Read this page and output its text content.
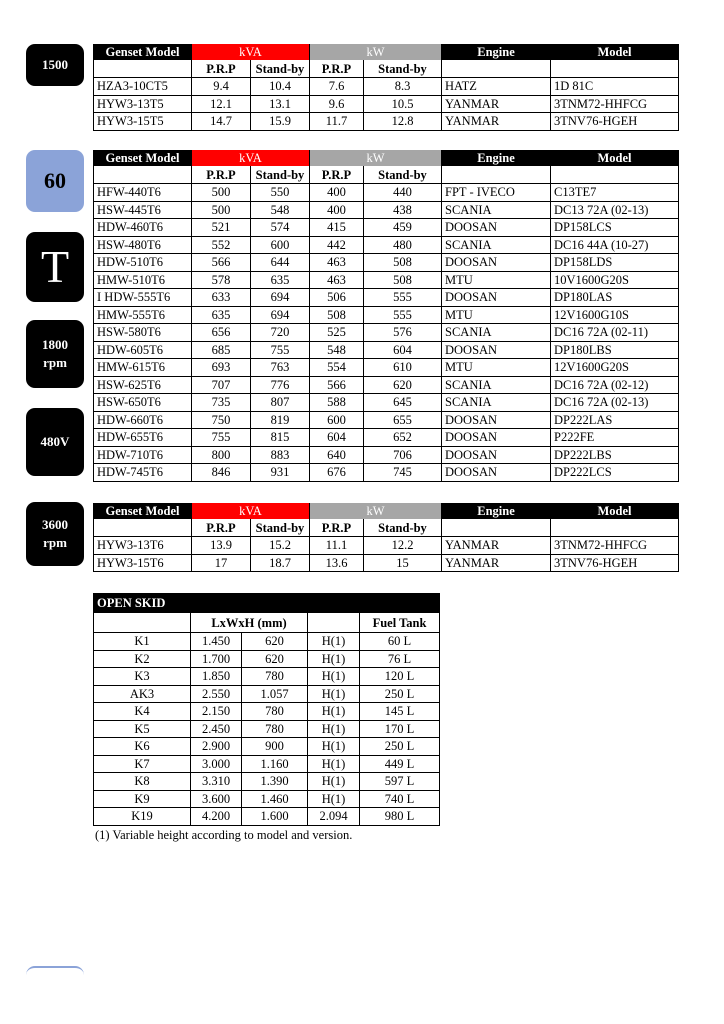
1500
60
T
1800
rpm
480V
3600
rpm
Genset Model	kVA		kW		Engine	Model
	P.R.P	Stand-by	P.R.P	Stand-by		
HZA3-10CT5	9.4	10.4	7.6	8.3	HATZ	1D 81C
HYW3-13T5	12.1	13.1	9.6	10.5	YANMAR	3TNM72-HHFCG
HYW3-15T5	14.7	15.9	11.7	12.8	YANMAR	3TNV76-HGEH
Genset Model	kVA		kW		Engine	Model
	P.R.P	Stand-by	P.R.P	Stand-by		
HFW-440T6	500	550	400	440	FPT - IVECO	C13TE7
HSW-445T6	500	548	400	438	SCANIA	DC13 72A (02-13)
HDW-460T6	521	574	415	459	DOOSAN	DP158LCS
HSW-480T6	552	600	442	480	SCANIA	DC16 44A (10-27)
HDW-510T6	566	644	463	508	DOOSAN	DP158LDS
HMW-510T6	578	635	463	508	MTU	10V1600G20S
I HDW-555T6	633	694	506	555	DOOSAN	DP180LAS
HMW-555T6	635	694	508	555	MTU	12V1600G10S
HSW-580T6	656	720	525	576	SCANIA	DC16 72A (02-11)
HDW-605T6	685	755	548	604	DOOSAN	DP180LBS
HMW-615T6	693	763	554	610	MTU	12V1600G20S
HSW-625T6	707	776	566	620	SCANIA	DC16 72A (02-12)
HSW-650T6	735	807	588	645	SCANIA	DC16 72A (02-13)
HDW-660T6	750	819	600	655	DOOSAN	DP222LAS
HDW-655T6	755	815	604	652	DOOSAN	P222FE
HDW-710T6	800	883	640	706	DOOSAN	DP222LBS
HDW-745T6	846	931	676	745	DOOSAN	DP222LCS
Genset Model	kVA		kW		Engine	Model
	P.R.P	Stand-by	P.R.P	Stand-by		
HYW3-13T6	13.9	15.2	11.1	12.2	YANMAR	3TNM72-HHFCG
HYW3-15T6	17	18.7	13.6	15	YANMAR	3TNV76-HGEH
OPEN SKID				
	LxWxH (mm)			Fuel Tank
K1	1.450	620	H(1)	60 L
K2	1.700	620	H(1)	76 L
K3	1.850	780	H(1)	120 L
AK3	2.550	1.057	H(1)	250 L
K4	2.150	780	H(1)	145 L
K5	2.450	780	H(1)	170 L
K6	2.900	900	H(1)	250 L
K7	3.000	1.160	H(1)	449 L
K8	3.310	1.390	H(1)	597 L
K9	3.600	1.460	H(1)	740 L
K19	4.200	1.600	2.094	980 L
(1) Variable height according to model and version.
